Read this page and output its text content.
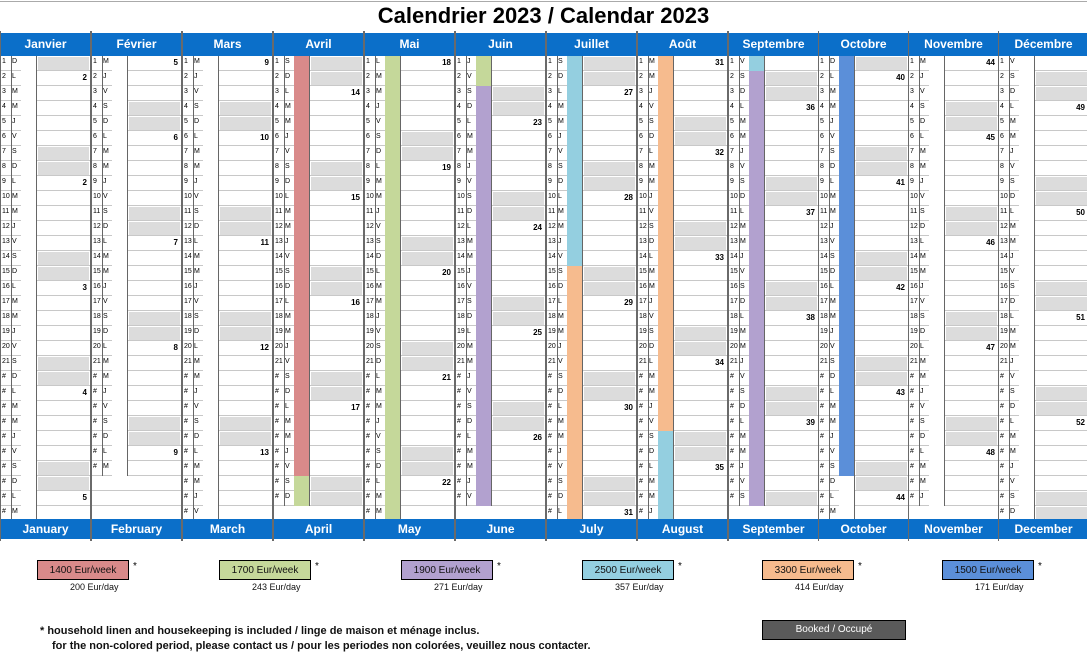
Calendrier 2023 / Calendar 2023
Janvier
1 D
2 L	2
3 M
4 M
5 J
6 V
7 S
8 D
9 L	2
10 M
11 M
12 J
13 V
14 S
15 D
16 L	3
17 M
18 M
19 J
20 V
21 S
# D
# L	4
# M
# M
# J
# V
# S
# D
# L	5
# M
January
Février
1 M	5
2 J
3 V
4 S
5 D
6 L	6
7 M
8 M
9 J
10 V
11 S
12 D
13 L	7
14 M
15 M
16 J
17 V
18 S
19 D
20 L	8
21 M
# M
# J
# V
# S
# D
# L	9
# M
February
Mars
1 M	9
2 J
3 V
4 S
5 D
6 L	10
7 M
8 M
9 J
10 V
11 S
12 D
13 L	11
14 M
15 M
16 J
17 V
18 S
19 D
20 L	12
21 M
# M
# J
# V
# S
# D
# L	13
# M
# M
# J
# V
March
Avril
1 S
2 D
3 L	14
4 M
5 M
6 J
7 V
8 S
9 D
10 L	15
11 M
12 M
13 J
14 V
15 S
16 D
17 L	16
18 M
19 M
20 J
21 V
# S
# D
# L	17
# M
# M
# J
# V
# S
# D
April
Mai
1 L	18
2 M
3 M
4 J
5 V
6 S
7 D
8 L	19
9 M
10 M
11 J
12 V
13 S
14 D
15 L	20
16 M
17 M
18 J
19 V
20 S
21 D
# L	21
# M
# M
# J
# V
# S
# D
# L	22
# M
# M
May
Juin
1 J
2 V
3 S
4 D
5 L	23
6 M
7 M
8 J
9 V
10 S
11 D
12 L	24
13 M
14 M
15 J
16 V
17 S
18 D
19 L	25
20 M
21 M
# J
# V
# S
# D
# L	26
# M
# M
# J
# V
June
Juillet
1 S
2 D
3 L	27
4 M
5 M
6 J
7 V
8 S
9 D
10 L	28
11 M
12 M
13 J
14 V
15 S
16 D
17 L	29
18 M
19 M
20 J
21 V
# S
# D
# L	30
# M
# M
# J
# V
# S
# D
# L	31
July
Août
1 M	31
2 M
3 J
4 V
5 S
6 D
7 L	32
8 M
9 M
10 J
11 V
12 S
13 D
14 L	33
15 M
16 M
17 J
18 V
19 S
20 D
21 L	34
# M
# M
# J
# V
# S
# D
# L	35
# M
# M
# J
August
Septembre
1 V
2 S
3 D
4 L	36
5 M
6 M
7 J
8 V
9 S
10 D
11 L	37
12 M
13 M
14 J
15 V
16 S
17 D
18 L	38
19 M
20 M
21 J
# V
# S
# D
# L	39
# M
# M
# J
# V
# S
September
Octobre
1 D
2 L	40
3 M
4 M
5 J
6 V
7 S
8 D
9 L	41
10 M
11 M
12 J
13 V
14 S
15 D
16 L	42
17 M
18 M
19 J
20 V
21 S
# D
# L	43
# M
# M
# J
# V
# S
# D
# L	44
# M
October
Novembre
1 M	44
2 J
3 V
4 S
5 D
6 L	45
7 M
8 M
9 J
10 V
11 S
12 D
13 L	46
14 M
15 M
16 J
17 V
18 S
19 D
20 L	47
21 M
# M
# J
# V
# S
# D
# L	48
# M
# M
# J
November
Décembre
1 V
2 S
3 D
4 L	49
5 M
6 M
7 J
8 V
9 S
10 D
11 L	50
12 M
13 M
14 J
15 V
16 S
17 D
18 L	51
19 M
20 M
21 J
# V
# S
# D
# L	52
# M
# M
# J
# V
# S
# D
December
1400 Eur/week	*
200 Eur/day
1700 Eur/week	*
243 Eur/day
1900 Eur/week	*
271 Eur/day
2500 Eur/week	*
357 Eur/day
3300 Eur/week	*
414 Eur/day
1500 Eur/week	*
171 Eur/day
* household linen and housekeeping is included / linge de maison et ménage inclus.
for the non-colored period, please contact us / pour les periodes non colorées, veuillez nous contacter.
Booked / Occupé
